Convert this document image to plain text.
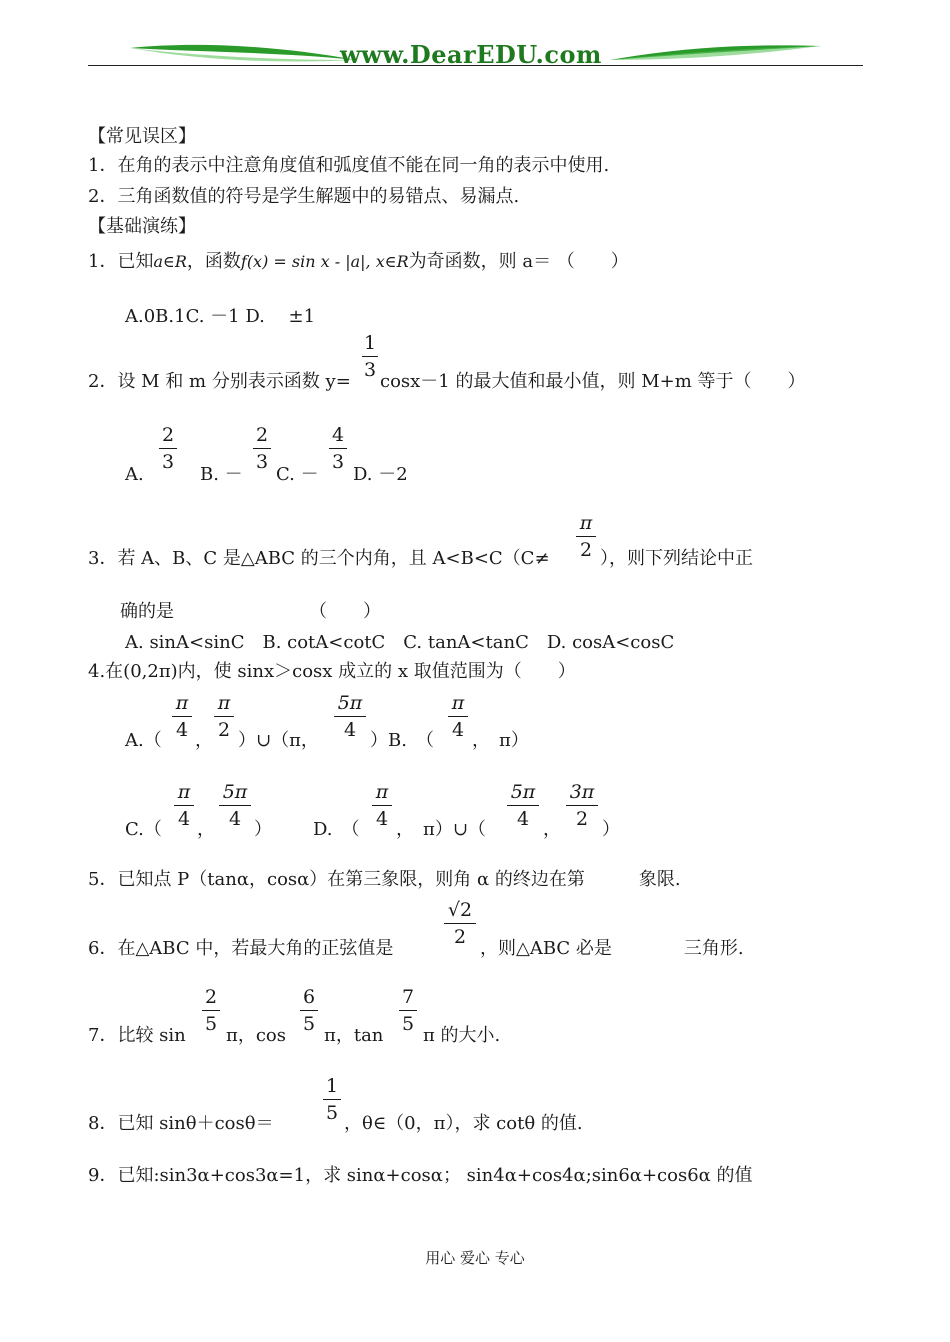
www.DearEDU.com
【常见误区】
1．在角的表示中注意角度值和弧度值不能在同一角的表示中使用.
2．三角函数值的符号是学生解题中的易错点、易漏点.
【基础演练】
1．已知a∈R，函数f(x) = sin x - |a|, x∈R为奇函数，则 a＝ （　　）
A.0B.1C. －1 D.　 ±1
2．设 M 和 m 分别表示函数 y=
1
3
cosx－1 的最大值和最小值，则 M+m 等于（　　）
A.
2
3
B. －
2
3
C. －
4
3
D. －2
3．若 A、B、C 是△ABC 的三个内角，且 A<B<C（C≠
π
2 ），则下列结论中正
确的是　　　　　　　　（　　）
A. sinA<sinC　B. cotA<cotC　C. tanA<tanC　D. cosA<cosC
4.在(0,2π)内，使 sinx＞cosx 成立的 x 取值范围为（　　）
A.（
π
4 ，
π
2 ）∪（π，
5π
4 ）B.　（
π
4 ，　π）
C.（
π
4 ，
5π
4 ） D.　（
π
4 ，　π）∪（
5π
4 ，
3π
2 ）
5．已知点 P（tanα，cosα）在第三象限，则角 α 的终边在第　　　象限.
6．在△ABC 中，若最大角的正弦值是
√2
2
，则△ABC 必是　　　　三角形.
7．比较 sin
2
5
π，cos
6
5
π，tan
7
5
π 的大小.
8．已知 sinθ＋cosθ＝
1
5 ，θ∈（0，π），求 cotθ 的值.
9．已知:sin3α+cos3α=1，求 sinα+cosα； sin4α+cos4α;sin6α+cos6α 的值
用心 爱心 专心
